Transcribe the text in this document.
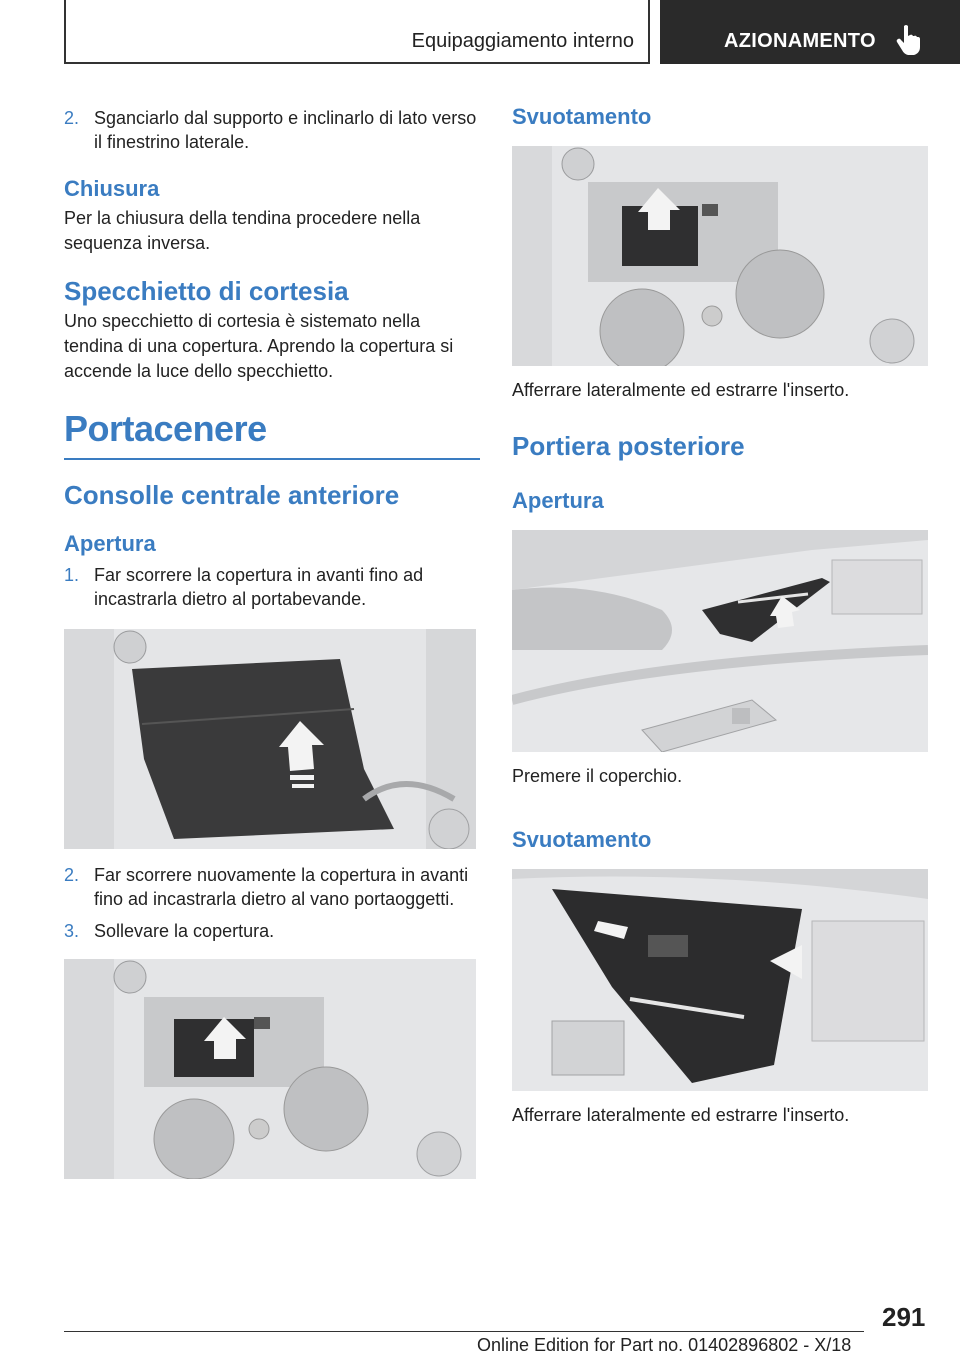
Equipaggiamento interno	AZIONAMENTO
2. Sganciarlo dal supporto e inclinarlo di lato verso il finestrino laterale.
Chiusura
Per la chiusura della tendina procedere nella sequenza inversa.
Specchietto di cortesia
Uno specchietto di cortesia è sistemato nella tendina di una copertura. Aprendo la copertura si accende la luce dello specchietto.
Portacenere
Consolle centrale anteriore
Apertura
1. Far scorrere la copertura in avanti fino ad incastrarla dietro al portabevande.
2. Far scorrere nuovamente la copertura in avanti fino ad incastrarla dietro al vano portaoggetti.
3. Sollevare la copertura.
Svuotamento
Afferrare lateralmente ed estrarre l'inserto.
Portiera posteriore
Apertura
Premere il coperchio.
Svuotamento
Afferrare lateralmente ed estrarre l'inserto.
291
Online Edition for Part no. 01402896802 - X/18
